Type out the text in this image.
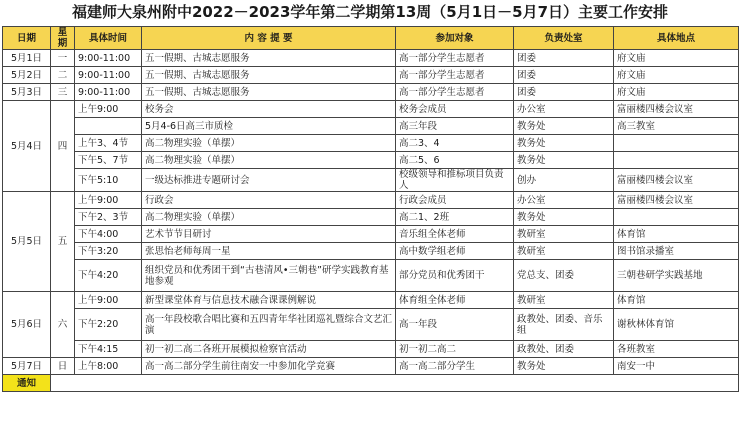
福建师大泉州附中2022－2023学年第二学期第13周（5月1日－5月7日）主要工作安排
日期	星期	具体时间	内 容 提 要	参加对象	负责处室	具体地点
5月1日	一	9:00-11:00	五一假期、古城志愿服务	高一部分学生志愿者	团委	府文庙
5月2日	二	9:00-11:00	五一假期、古城志愿服务	高一部分学生志愿者	团委	府文庙
5月3日	三	9:00-11:00	五一假期、古城志愿服务	高一部分学生志愿者	团委	府文庙
5月4日	四	上午9:00	校务会	校务会成员	办公室	富丽楼四楼会议室
			5月4-6日高三市质检	高三年段	教务处	高三教室
		上午3、4节	高二物理实验（单摆）	高二3、4	教务处	
		下午5、7节	高二物理实验（单摆）	高二5、6	教务处	
		下午5:10	一级达标推进专题研讨会	校级领导和推标项目负责人	创办	富丽楼四楼会议室
5月5日	五	上午9:00	行政会	行政会成员	办公室	富丽楼四楼会议室
		下午2、3节	高二物理实验（单摆）	高二1、2班	教务处	
		下午4:00	艺术节节目研讨	音乐组全体老师	教研室	体育馆
		下午3:20	张思怡老师每周一星	高中数学组老师	教研室	图书馆录播室
		下午4:20	组织党员和优秀团干到“古巷清风•三朝巷”研学实践教育基地参观	部分党员和优秀团干	党总支、团委	三朝巷研学实践基地
5月6日	六	上午9:00	新型课堂体育与信息技术融合课课例解说	体育组全体老师	教研室	体育馆
		下午2:20	高一年段校歌合唱比赛和五四青年华社团巡礼暨综合文艺汇演	高一年段	政教处、团委、音乐组	谢秋林体育馆
		下午4:15	初一初二高二各班开展模拟检察官活动	初一初二高二	政教处、团委	各班教室
5月7日	日	上午8:00	高一高二部分学生前往南安一中参加化学竞赛	高一高二部分学生	教务处	南安一中
通知						
